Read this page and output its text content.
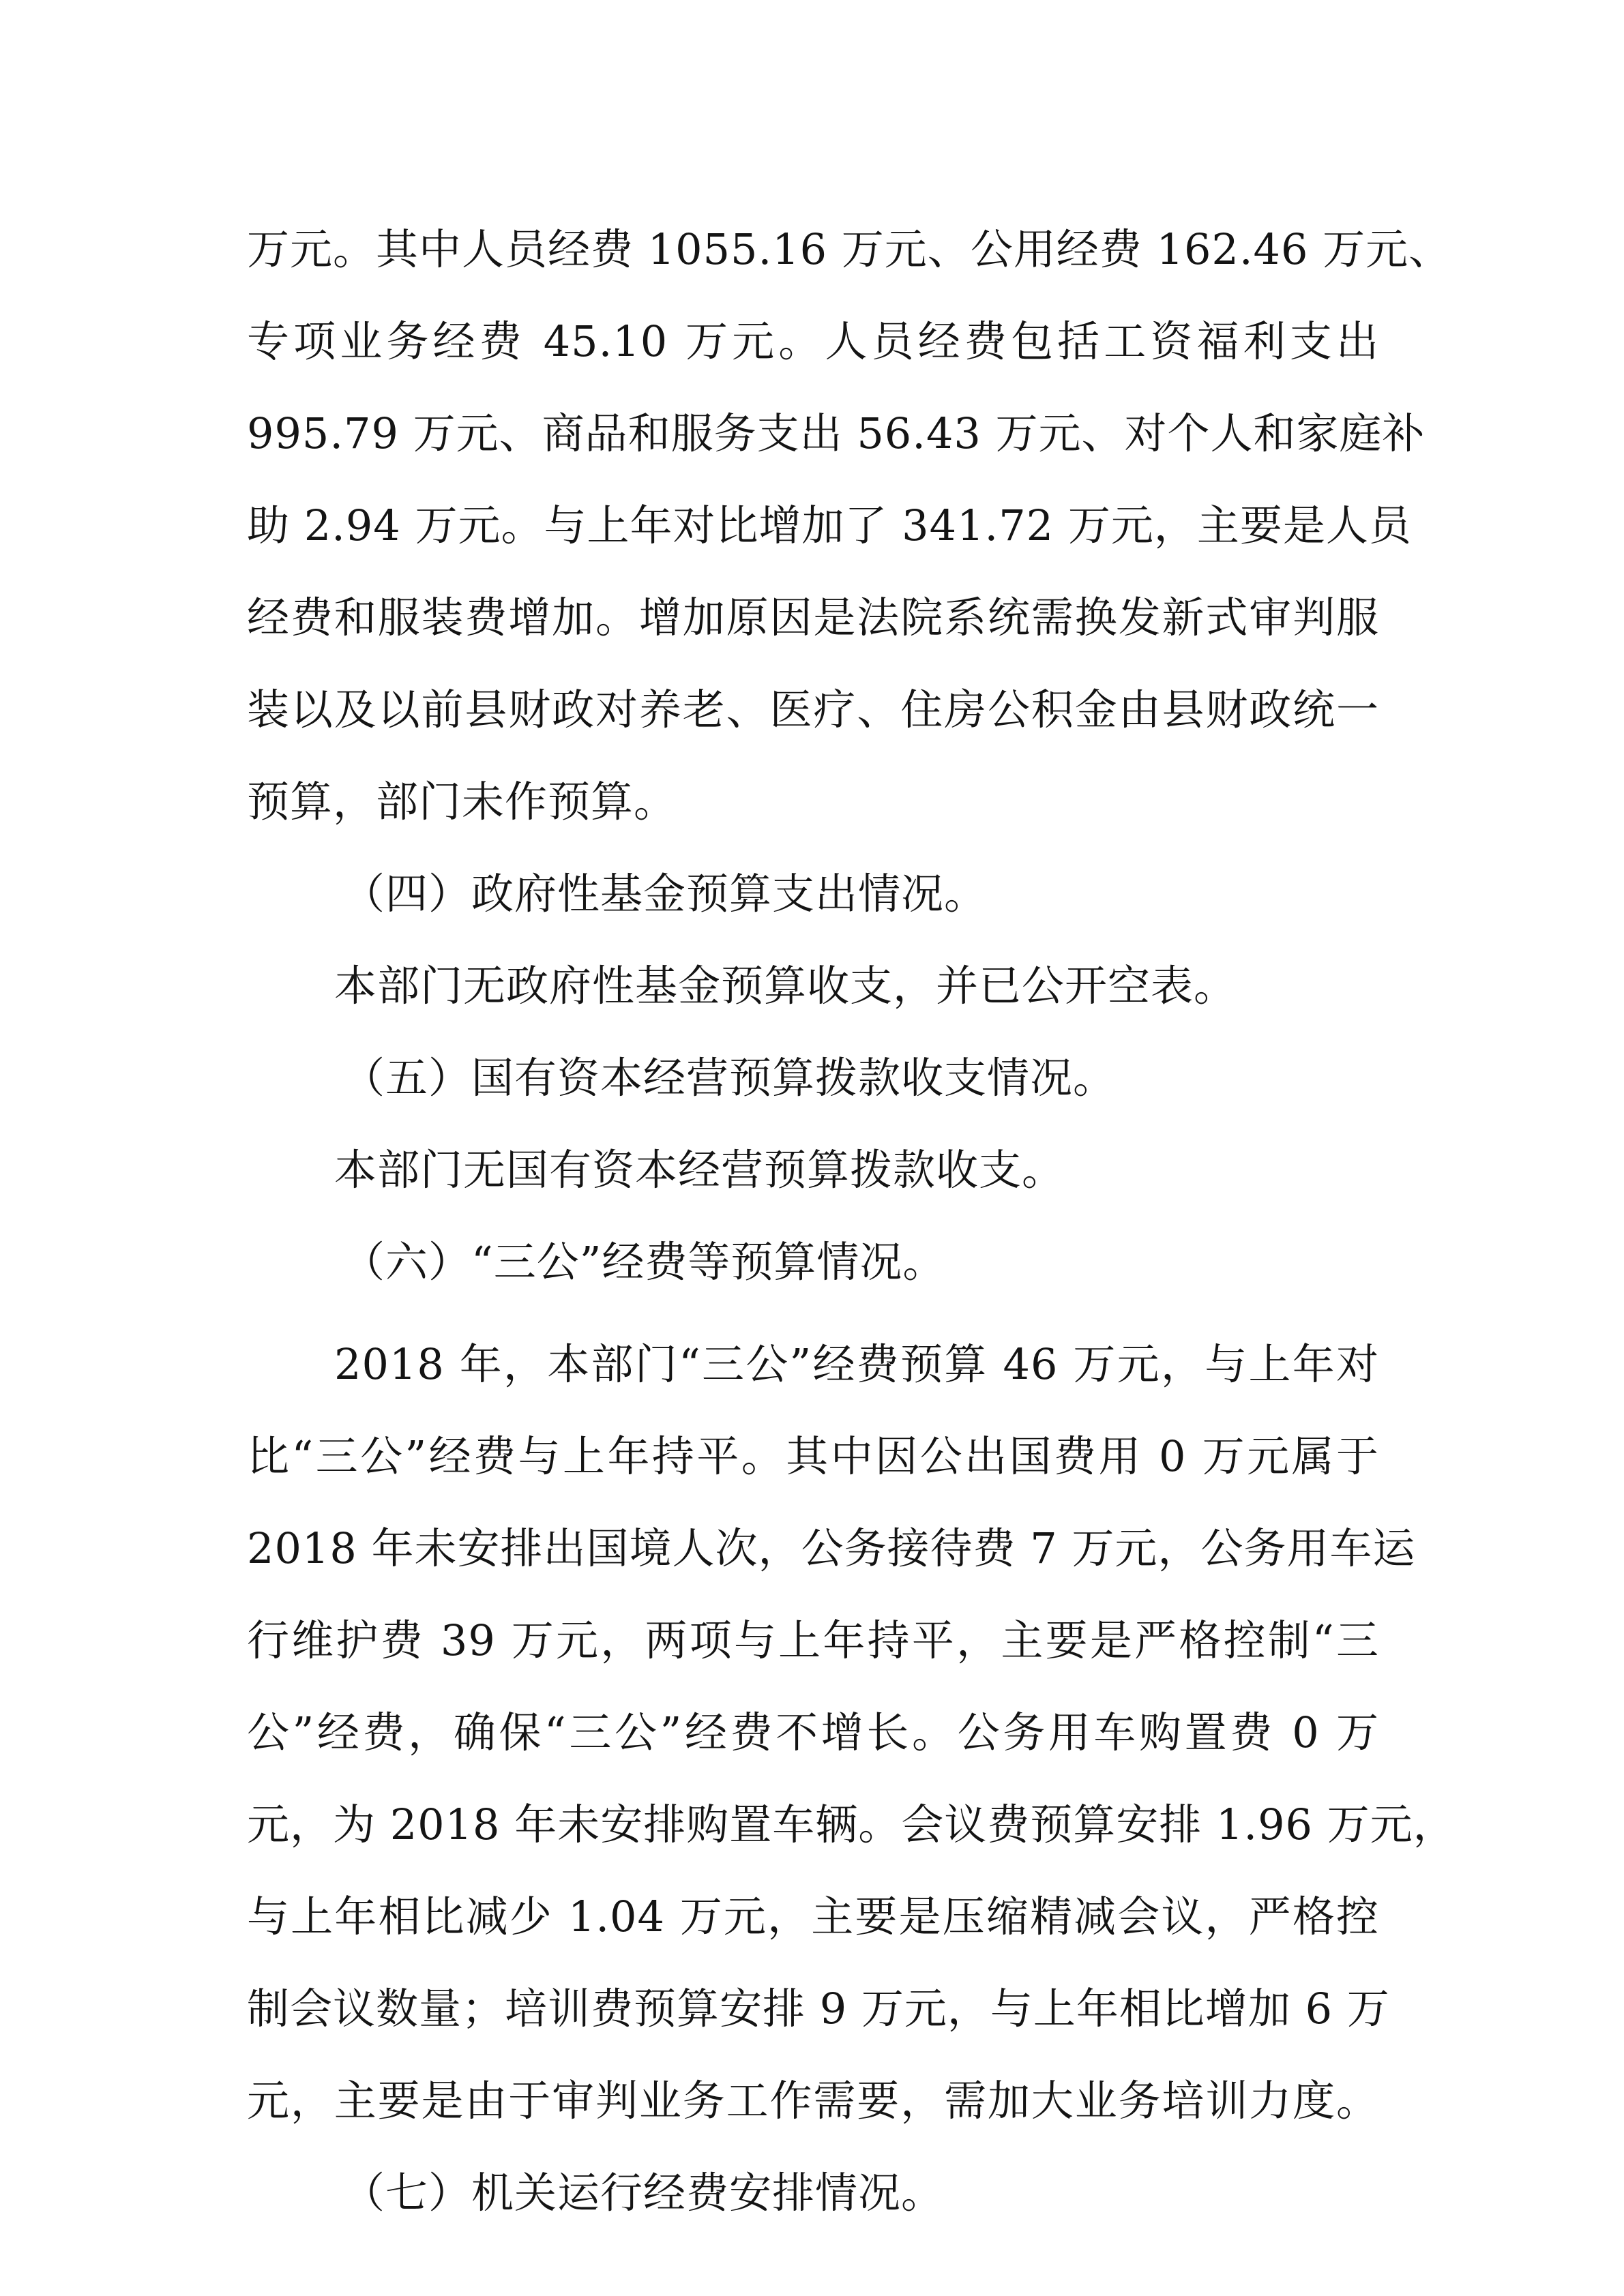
万元。其中人员经费 1055.16 万元、公用经费 162.46 万元、
专项业务经费 45.10 万元。人员经费包括工资福利支出
995.79 万元、商品和服务支出 56.43 万元、对个人和家庭补
助 2.94 万元。与上年对比增加了 341.72 万元，主要是人员
经费和服装费增加。增加原因是法院系统需换发新式审判服
装以及以前县财政对养老、医疗、住房公积金由县财政统一
预算，部门未作预算。
（四）政府性基金预算支出情况。
本部门无政府性基金预算收支，并已公开空表。
（五）国有资本经营预算拨款收支情况。
本部门无国有资本经营预算拨款收支。
（六）“三公”经费等预算情况。
2018 年，本部门“三公”经费预算 46 万元，与上年对
比“三公”经费与上年持平。其中因公出国费用 0 万元属于
2018 年未安排出国境人次，公务接待费 7 万元，公务用车运
行维护费 39 万元，两项与上年持平，主要是严格控制“三
公”经费，确保“三公”经费不增长。公务用车购置费 0 万
元，为 2018 年未安排购置车辆。会议费预算安排 1.96 万元，
与上年相比减少 1.04 万元，主要是压缩精减会议，严格控
制会议数量；培训费预算安排 9 万元，与上年相比增加 6 万
元，主要是由于审判业务工作需要，需加大业务培训力度。
（七）机关运行经费安排情况。
